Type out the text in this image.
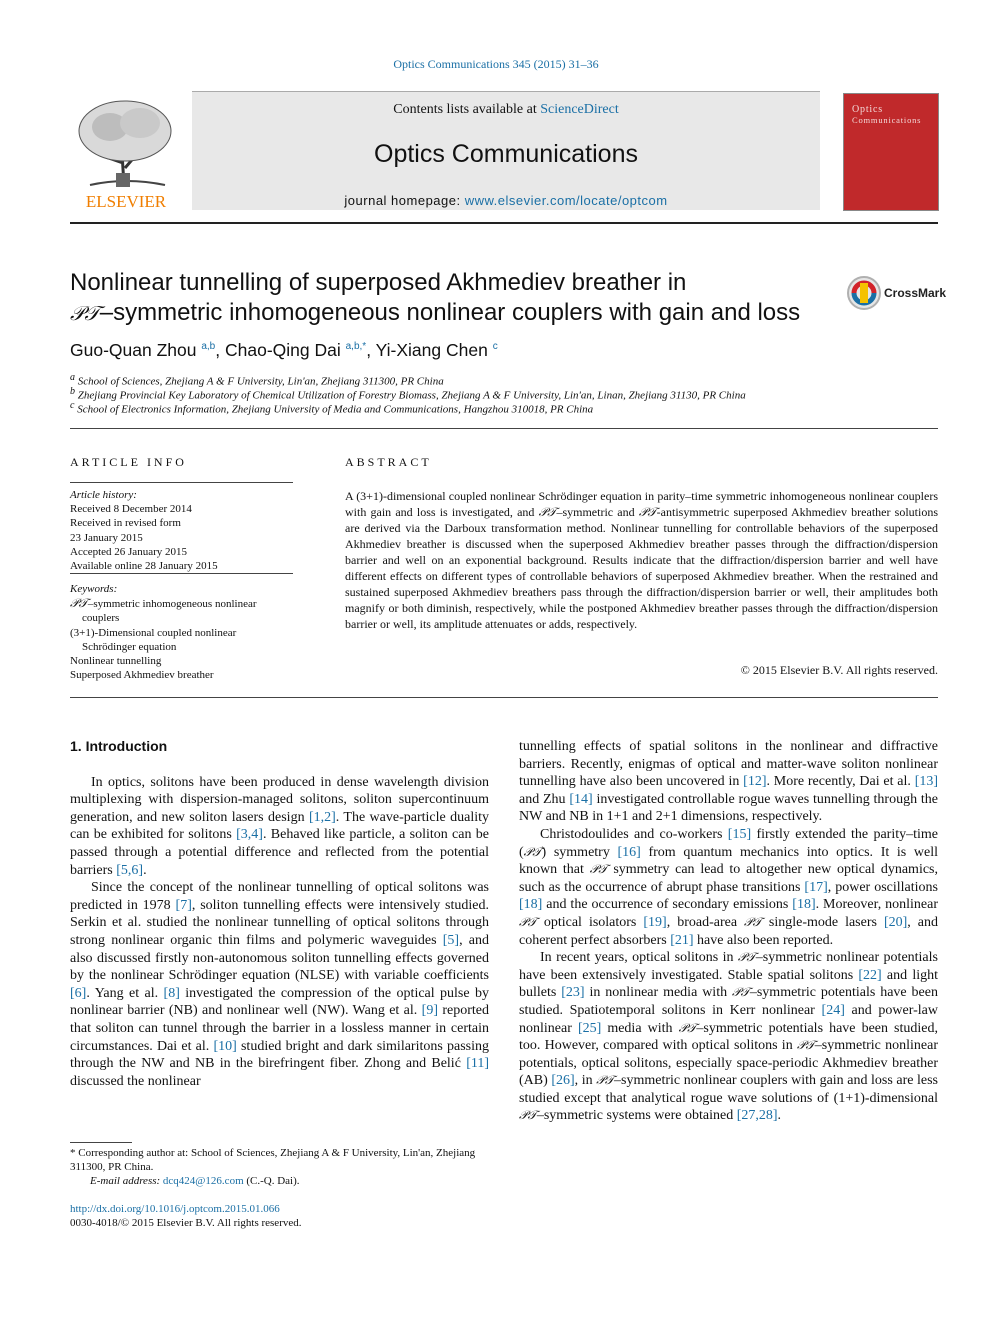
Optics Communications 345 (2015) 31–36
ELSEVIER
Contents lists available at ScienceDirect
Optics Communications
journal homepage: www.elsevier.com/locate/optcom
Optics
Communications
Nonlinear tunnelling of superposed Akhmediev breather in
𝒫𝒯–symmetric inhomogeneous nonlinear couplers with gain and loss
CrossMark
Guo-Quan Zhou $^{a,b}$, Chao-Qing Dai $^{a,b,*}$, Yi-Xiang Chen $^c$
$^a$ School of Sciences, Zhejiang A & F University, Lin'an, Zhejiang 311300, PR China
$^b$ Zhejiang Provincial Key Laboratory of Chemical Utilization of Forestry Biomass, Zhejiang A & F University, Lin'an, Linan, Zhejiang 31130, PR China
$^c$ School of Electronics Information, Zhejiang University of Media and Communications, Hangzhou 310018, PR China
ARTICLE INFO	ABSTRACT
Article history:
Received 8 December 2014
Received in revised form
23 January 2015
Accepted 26 January 2015
Available online 28 January 2015
Keywords:
𝒫𝒯–symmetric inhomogeneous nonlinear
couplers
(3+1)-Dimensional coupled nonlinear
Schrödinger equation
Nonlinear tunnelling
Superposed Akhmediev breather
A (3+1)-dimensional coupled nonlinear Schrödinger equation in parity–time symmetric inhomogeneous nonlinear couplers with gain and loss is investigated, and 𝒫𝒯–symmetric and 𝒫𝒯-antisymmetric superposed Akhmediev breather solutions are derived via the Darboux transformation method. Nonlinear tunnelling for controllable behaviors of the superposed Akhmediev breather is discussed when the superposed Akhmediev breather passes through the diffraction/dispersion barrier and well on an exponential background. Results indicate that the diffraction/dispersion barrier and well have different effects on different types of controllable behaviors of superposed Akhmediev breather. When the restrained and sustained superposed Akhmediev breathers pass through the diffraction/dispersion barrier or well, their amplitudes both magnify or both diminish, respectively, while the postponed Akhmediev breather passes through the diffraction/dispersion barrier or well, its amplitude attenuates or adds, respectively.
© 2015 Elsevier B.V. All rights reserved.

1. Introduction

In optics, solitons have been produced in dense wavelength division multiplexing with dispersion-managed solitons, soliton supercontinuum generation, and new soliton lasers design [1,2]. The wave-particle duality can be exhibited for solitons [3,4]. Behaved like particle, a soliton can be passed through a potential difference and reflected from the potential barriers [5,6].

Since the concept of the nonlinear tunnelling of optical solitons was predicted in 1978 [7], soliton tunnelling effects were intensively studied. Serkin et al. studied the nonlinear tunnelling of optical solitons through strong nonlinear organic thin films and polymeric waveguides [5], and also discussed firstly non-autonomous soliton tunnelling effects governed by the nonlinear Schrödinger equation (NLSE) with variable coefficients [6]. Yang et al. [8] investigated the compression of the optical pulse by nonlinear barrier (NB) and nonlinear well (NW). Wang et al. [9] reported that soliton can tunnel through the barrier in a lossless manner in certain circumstances. Dai et al. [10] studied bright and dark similaritons passing through the NW and NB in the birefringent fiber. Zhong and Belić [11] discussed the nonlinear

tunnelling effects of spatial solitons in the nonlinear and diffractive barriers. Recently, enigmas of optical and matter-wave soliton nonlinear tunnelling have also been uncovered in [12]. More recently, Dai et al. [13] and Zhu [14] investigated controllable rogue waves tunnelling through the NW and NB in 1+1 and 2+1 dimensions, respectively.

Christodoulides and co-workers [15] firstly extended the parity–time (𝒫𝒯) symmetry [16] from quantum mechanics into optics. It is well known that 𝒫𝒯 symmetry can lead to altogether new optical dynamics, such as the occurrence of abrupt phase transitions [17], power oscillations [18] and the occurrence of secondary emissions [18]. Moreover, nonlinear 𝒫𝒯 optical isolators [19], broad-area 𝒫𝒯 single-mode lasers [20], and coherent perfect absorbers [21] have also been reported.

In recent years, optical solitons in 𝒫𝒯–symmetric nonlinear potentials have been extensively investigated. Stable spatial solitons [22] and light bullets [23] in nonlinear media with 𝒫𝒯–symmetric potentials have been studied. Spatiotemporal solitons in Kerr nonlinear [24] and power-law nonlinear [25] media with 𝒫𝒯–symmetric potentials have been studied, too. However, compared with optical solitons in 𝒫𝒯–symmetric nonlinear potentials, optical solitons, especially space-periodic Akhmediev breather (AB) [26], in 𝒫𝒯–symmetric nonlinear couplers with gain and loss are less studied except that analytical rogue wave solutions of (1+1)-dimensional 𝒫𝒯–symmetric systems were obtained [27,28].

* Corresponding author at: School of Sciences, Zhejiang A & F University, Lin'an, Zhejiang 311300, PR China.
E-mail address: dcq424@126.com (C.-Q. Dai).
http://dx.doi.org/10.1016/j.optcom.2015.01.066
0030-4018/© 2015 Elsevier B.V. All rights reserved.
